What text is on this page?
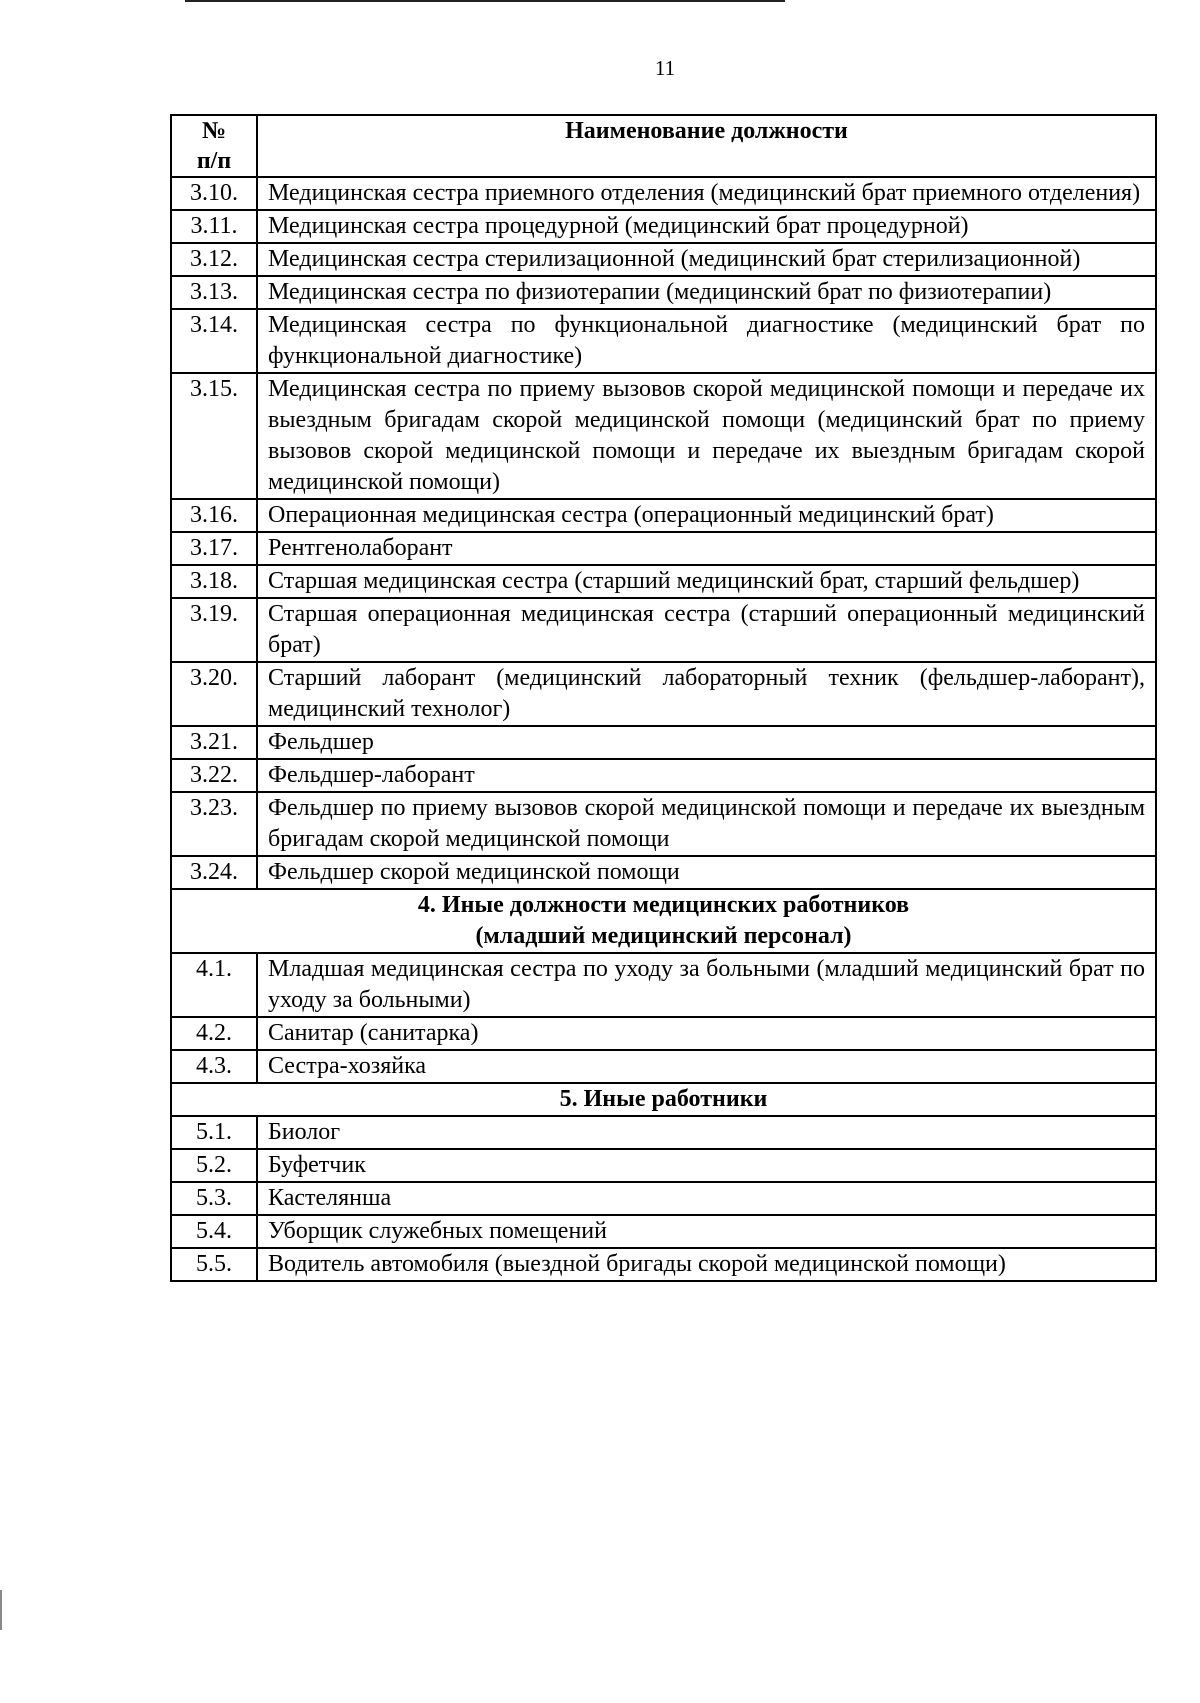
11
№
п/п	Наименование должности
3.10.	Медицинская сестра приемного отделения (медицинский брат приемного отделения)
3.11.	Медицинская сестра процедурной (медицинский брат процедурной)
3.12.	Медицинская сестра стерилизационной (медицинский брат стерилизационной)
3.13.	Медицинская сестра по физиотерапии (медицинский брат по физиотерапии)
3.14.	Медицинская сестра по функциональной диагностике (медицинский брат по функциональной диагностике)
3.15.	Медицинская сестра по приему вызовов скорой медицинской помощи и передаче их выездным бригадам скорой медицинской помощи (медицинский брат по приему вызовов скорой медицинской помощи и передаче их выездным бригадам скорой медицинской помощи)
3.16.	Операционная медицинская сестра (операционный медицинский брат)
3.17.	Рентгенолаборант
3.18.	Старшая медицинская сестра (старший медицинский брат, старший фельдшер)
3.19.	Старшая операционная медицинская сестра (старший операционный медицинский брат)
3.20.	Старший лаборант (медицинский лабораторный техник (фельдшер-лаборант), медицинский технолог)
3.21.	Фельдшер
3.22.	Фельдшер-лаборант
3.23.	Фельдшер по приему вызовов скорой медицинской помощи и передаче их выездным бригадам скорой медицинской помощи
3.24.	Фельдшер скорой медицинской помощи

4. Иные должности медицинских работников
(младший медицинский персонал)	

4.1.	Младшая медицинская сестра по уходу за больными (младший медицинский брат по уходу за больными)
4.2.	Санитар (санитарка)
4.3.	Сестра-хозяйка
5. Иные работники	
5.1.	Биолог
5.2.	Буфетчик
5.3.	Кастелянша
5.4.	Уборщик служебных помещений
5.5.	Водитель автомобиля (выездной бригады скорой медицинской помощи)
